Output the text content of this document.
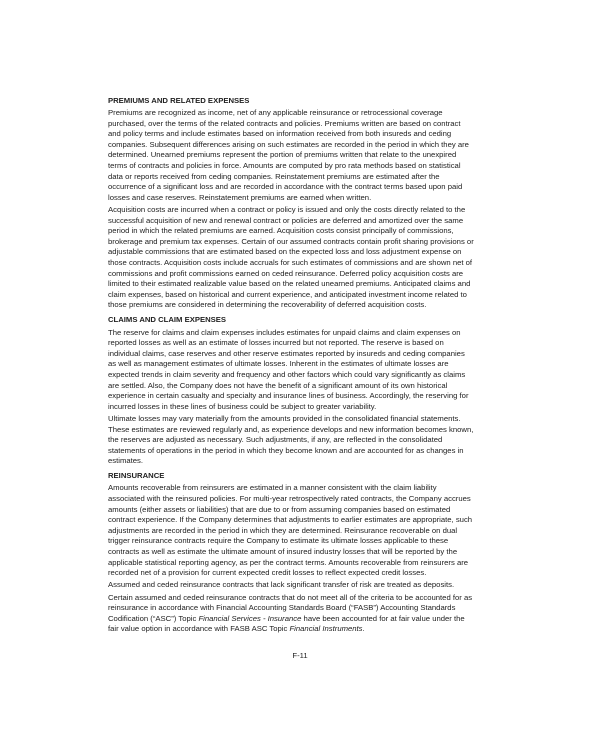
PREMIUMS AND RELATED EXPENSES

Premiums are recognized as income, net of any applicable reinsurance or retrocessional coverage
purchased, over the terms of the related contracts and policies. Premiums written are based on contract
and policy terms and include estimates based on information received from both insureds and ceding
companies. Subsequent differences arising on such estimates are recorded in the period in which they are
determined. Unearned premiums represent the portion of premiums written that relate to the unexpired
terms of contracts and policies in force. Amounts are computed by pro rata methods based on statistical
data or reports received from ceding companies. Reinstatement premiums are estimated after the
occurrence of a significant loss and are recorded in accordance with the contract terms based upon paid
losses and case reserves. Reinstatement premiums are earned when written.

Acquisition costs are incurred when a contract or policy is issued and only the costs directly related to the
successful acquisition of new and renewal contract or policies are deferred and amortized over the same
period in which the related premiums are earned. Acquisition costs consist principally of commissions,
brokerage and premium tax expenses. Certain of our assumed contracts contain profit sharing provisions or
adjustable commissions that are estimated based on the expected loss and loss adjustment expense on
those contracts. Acquisition costs include accruals for such estimates of commissions and are shown net of
commissions and profit commissions earned on ceded reinsurance. Deferred policy acquisition costs are
limited to their estimated realizable value based on the related unearned premiums. Anticipated claims and
claim expenses, based on historical and current experience, and anticipated investment income related to
those premiums are considered in determining the recoverability of deferred acquisition costs.

CLAIMS AND CLAIM EXPENSES

The reserve for claims and claim expenses includes estimates for unpaid claims and claim expenses on
reported losses as well as an estimate of losses incurred but not reported. The reserve is based on
individual claims, case reserves and other reserve estimates reported by insureds and ceding companies
as well as management estimates of ultimate losses. Inherent in the estimates of ultimate losses are
expected trends in claim severity and frequency and other factors which could vary significantly as claims
are settled. Also, the Company does not have the benefit of a significant amount of its own historical
experience in certain casualty and specialty and insurance lines of business. Accordingly, the reserving for
incurred losses in these lines of business could be subject to greater variability.

Ultimate losses may vary materially from the amounts provided in the consolidated financial statements.
These estimates are reviewed regularly and, as experience develops and new information becomes known,
the reserves are adjusted as necessary. Such adjustments, if any, are reflected in the consolidated
statements of operations in the period in which they become known and are accounted for as changes in
estimates.

REINSURANCE

Amounts recoverable from reinsurers are estimated in a manner consistent with the claim liability
associated with the reinsured policies. For multi-year retrospectively rated contracts, the Company accrues
amounts (either assets or liabilities) that are due to or from assuming companies based on estimated
contract experience. If the Company determines that adjustments to earlier estimates are appropriate, such
adjustments are recorded in the period in which they are determined. Reinsurance recoverable on dual
trigger reinsurance contracts require the Company to estimate its ultimate losses applicable to these
contracts as well as estimate the ultimate amount of insured industry losses that will be reported by the
applicable statistical reporting agency, as per the contract terms. Amounts recoverable from reinsurers are
recorded net of a provision for current expected credit losses to reflect expected credit losses.

Assumed and ceded reinsurance contracts that lack significant transfer of risk are treated as deposits.

Certain assumed and ceded reinsurance contracts that do not meet all of the criteria to be accounted for as
reinsurance in accordance with Financial Accounting Standards Board (“FASB”) Accounting Standards
Codification (“ASC”) Topic Financial Services - Insurance have been accounted for at fair value under the
fair value option in accordance with FASB ASC Topic Financial Instruments.

F-11
